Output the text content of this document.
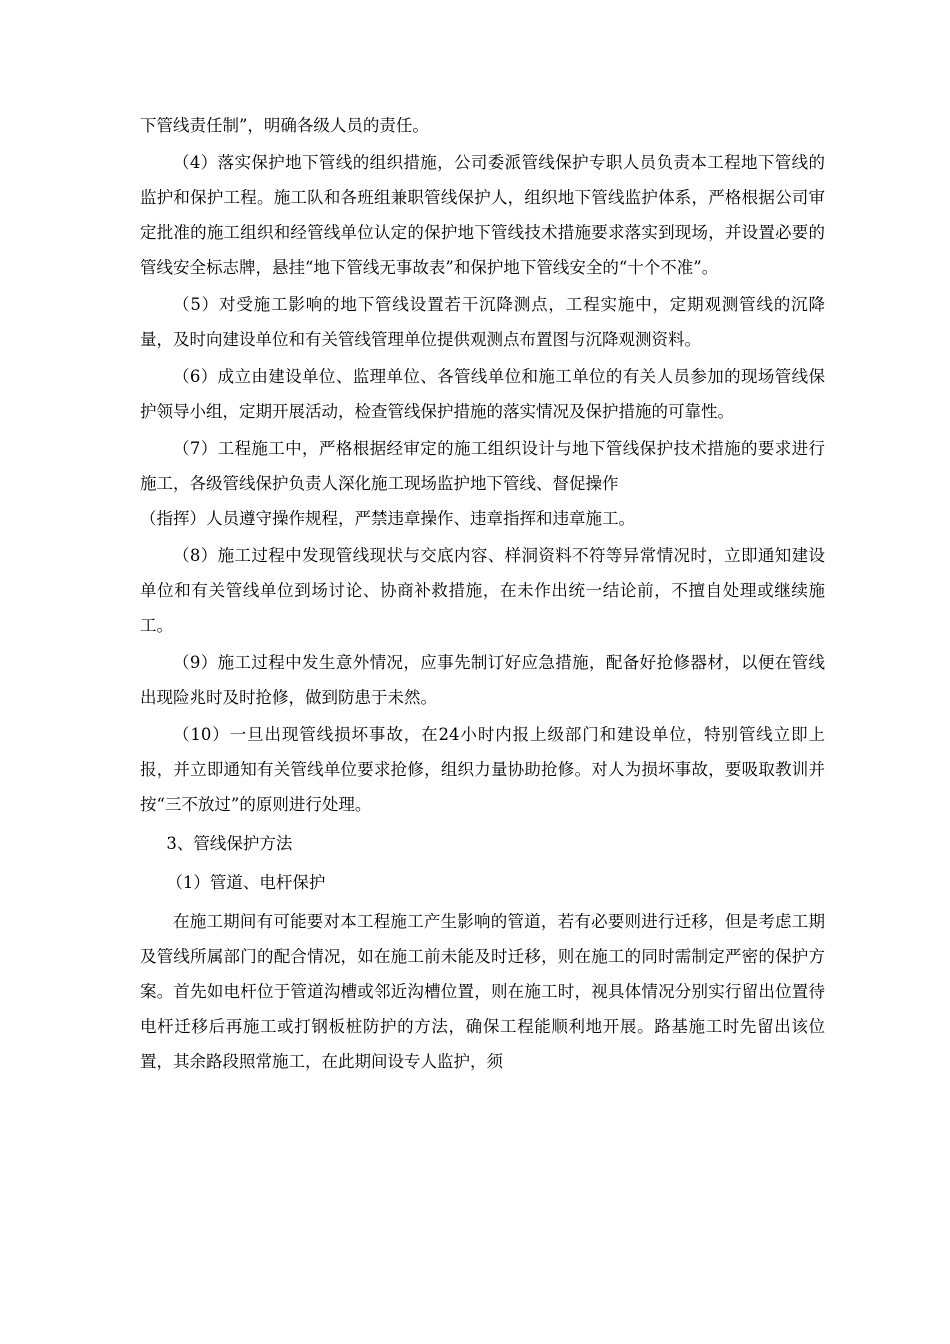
下管线责任制”，明确各级人员的责任。

（4）落实保护地下管线的组织措施，公司委派管线保护专职人员负责本工程地下管线的监护和保护工程。施工队和各班组兼职管线保护人，组织地下管线监护体系，严格根据公司审定批准的施工组织和经管线单位认定的保护地下管线技术措施要求落实到现场，并设置必要的管线安全标志牌，悬挂“地下管线无事故表”和保护地下管线安全的“十个不准”。

（5）对受施工影响的地下管线设置若干沉降测点，工程实施中，定期观测管线的沉降量，及时向建设单位和有关管线管理单位提供观测点布置图与沉降观测资料。

（6）成立由建设单位、监理单位、各管线单位和施工单位的有关人员参加的现场管线保护领导小组，定期开展活动，检查管线保护措施的落实情况及保护措施的可靠性。

（7）工程施工中，严格根据经审定的施工组织设计与地下管线保护技术措施的要求进行施工，各级管线保护负责人深化施工现场监护地下管线、督促操作

（指挥）人员遵守操作规程，严禁违章操作、违章指挥和违章施工。

（8）施工过程中发现管线现状与交底内容、样洞资料不符等异常情况时，立即通知建设单位和有关管线单位到场讨论、协商补救措施，在未作出统一结论前，不擅自处理或继续施工。

（9）施工过程中发生意外情况，应事先制订好应急措施，配备好抢修器材，以便在管线出现险兆时及时抢修，做到防患于未然。

（10）一旦出现管线损坏事故，在24小时内报上级部门和建设单位，特别管线立即上报，并立即通知有关管线单位要求抢修，组织力量协助抢修。对人为损坏事故，要吸取教训并按“三不放过”的原则进行处理。

3、管线保护方法

（1）管道、电杆保护

在施工期间有可能要对本工程施工产生影响的管道，若有必要则进行迁移，但是考虑工期及管线所属部门的配合情况，如在施工前未能及时迁移，则在施工的同时需制定严密的保护方案。首先如电杆位于管道沟槽或邻近沟槽位置，则在施工时，视具体情况分别实行留出位置待电杆迁移后再施工或打钢板桩防护的方法，确保工程能顺利地开展。路基施工时先留出该位置，其余路段照常施工，在此期间设专人监护，须
